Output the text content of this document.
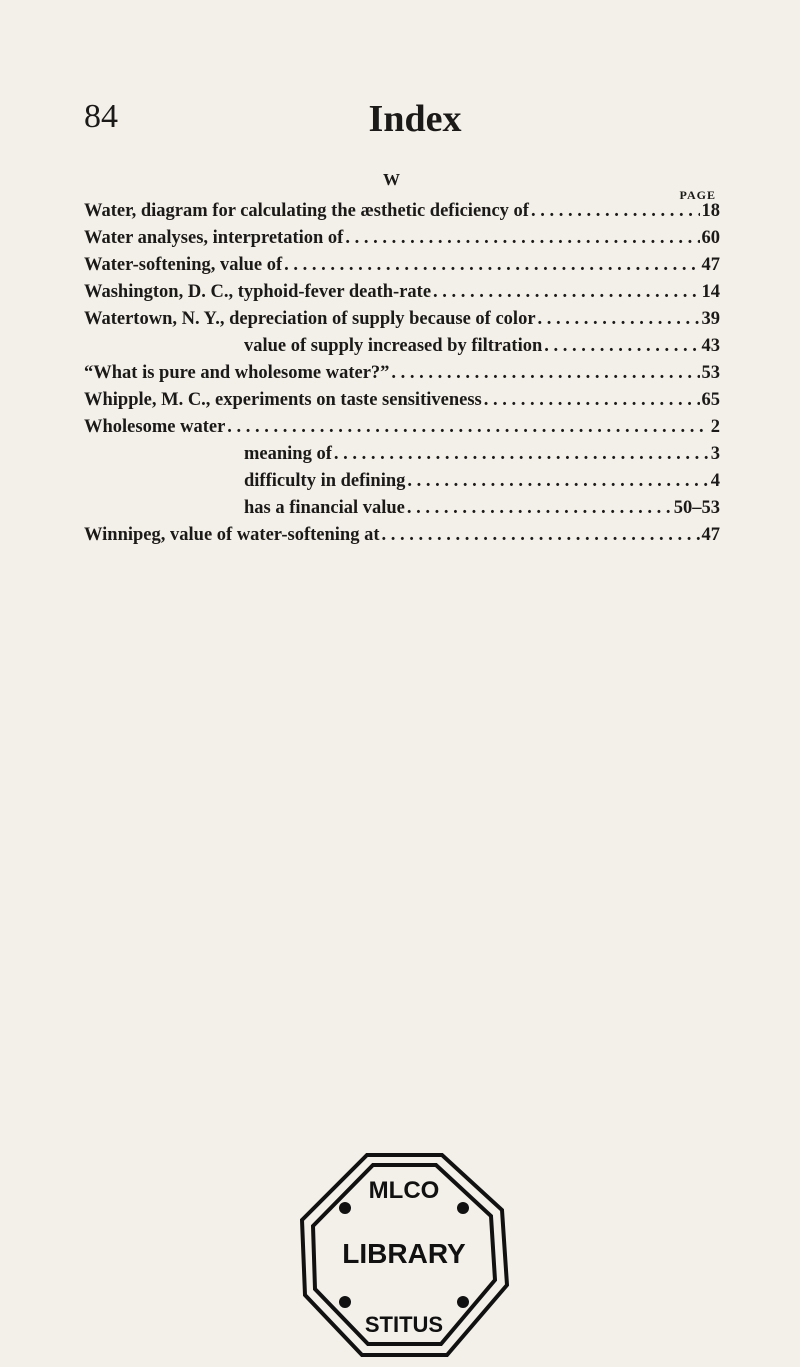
84	Index
W
PAGE
Water, diagram for calculating the æsthetic deficiency of . . .	18
Water analyses, interpretation of . . .	60
Water-softening, value of . . .	47
Washington, D. C., typhoid-fever death-rate . . .	14
Watertown, N. Y., depreciation of supply because of color . . .	39
value of supply increased by filtration . . .	43
“What is pure and wholesome water?” . . .	53
Whipple, M. C., experiments on taste sensitiveness . . .	65
Wholesome water . . .	2
meaning of . . .	3
difficulty in defining . . .	4
has a financial value . . .	50–53
Winnipeg, value of water-softening at . . .	47
MLCO
LIBRARY
STITUS
